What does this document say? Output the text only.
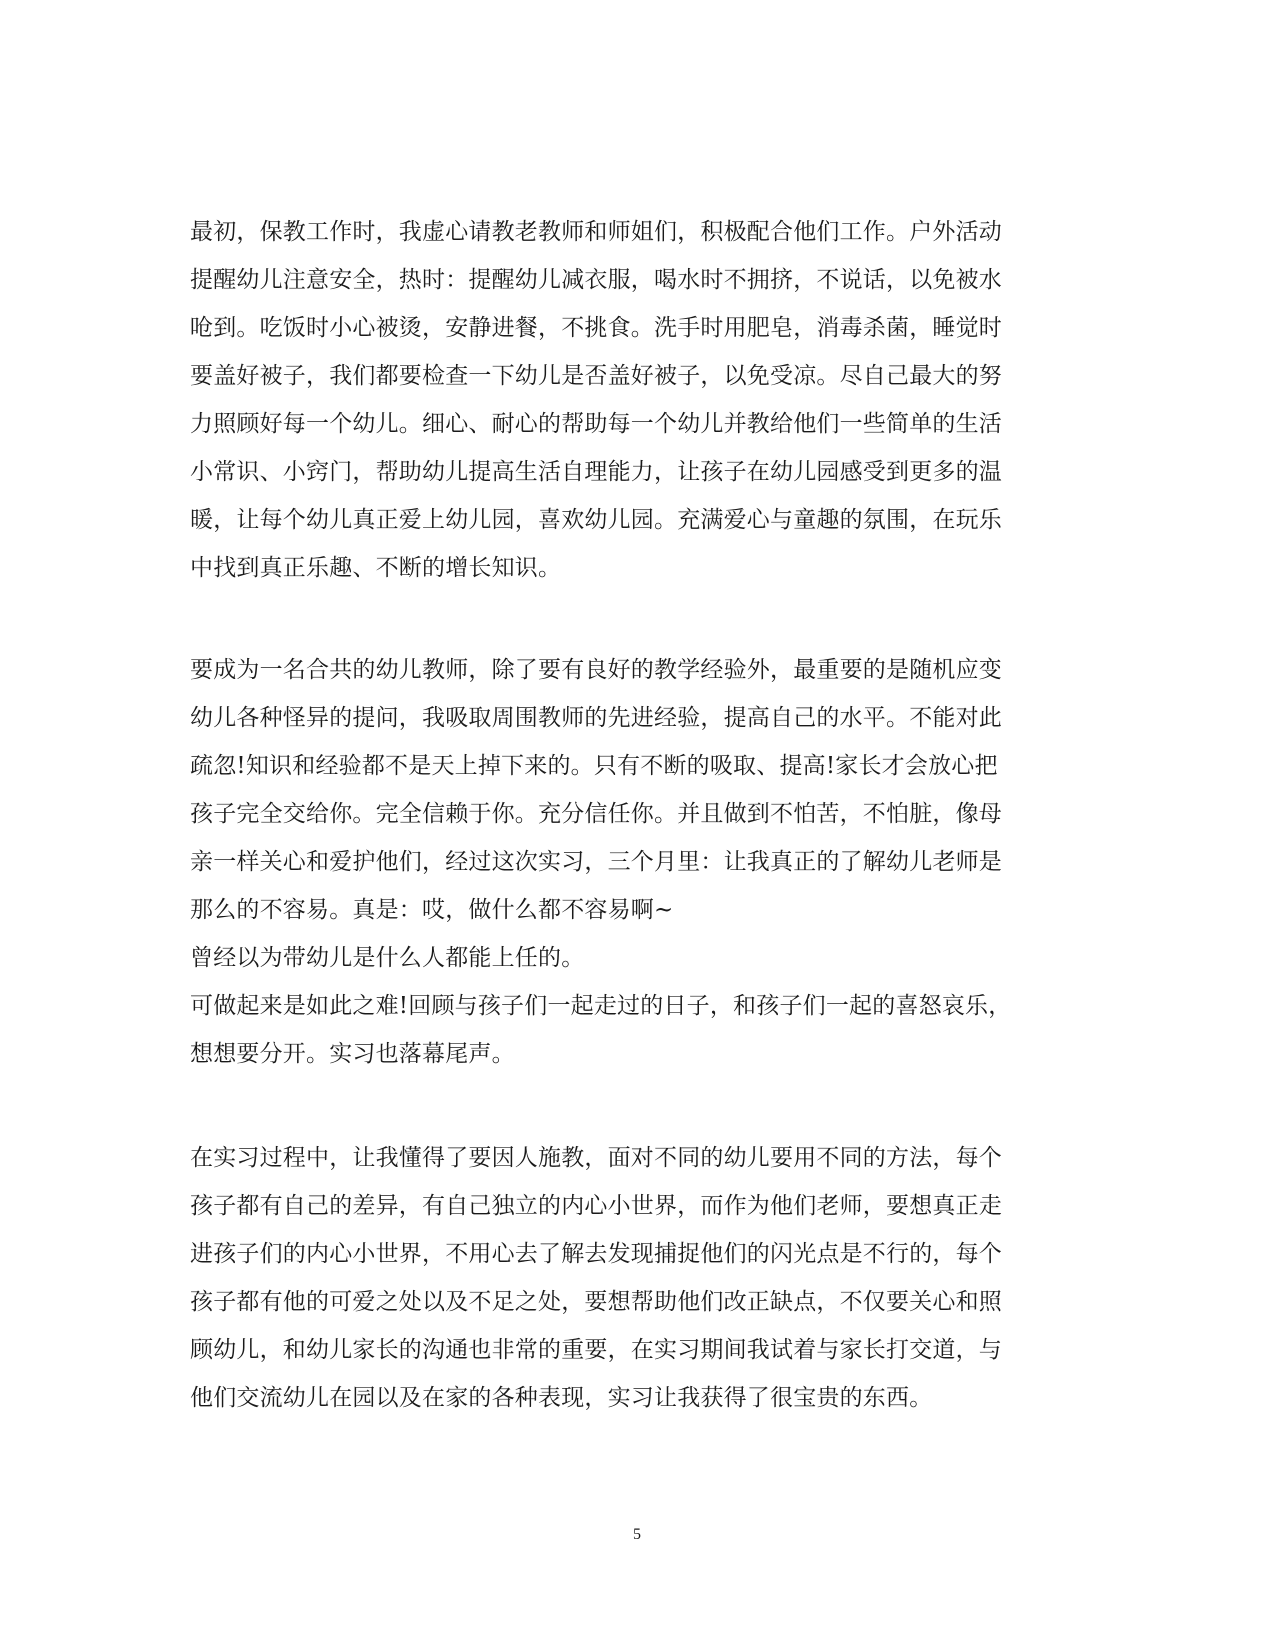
最初，保教工作时，我虚心请教老教师和师姐们，积极配合他们工作。户外活动
提醒幼儿注意安全，热时：提醒幼儿减衣服，喝水时不拥挤，不说话，以免被水
呛到。吃饭时小心被烫，安静进餐，不挑食。洗手时用肥皂，消毒杀菌，睡觉时
要盖好被子，我们都要检查一下幼儿是否盖好被子，以免受凉。尽自己最大的努
力照顾好每一个幼儿。细心、耐心的帮助每一个幼儿并教给他们一些简单的生活
小常识、小窍门，帮助幼儿提高生活自理能力，让孩子在幼儿园感受到更多的温
暖，让每个幼儿真正爱上幼儿园，喜欢幼儿园。充满爱心与童趣的氛围，在玩乐
中找到真正乐趣、不断的增长知识。
要成为一名合共的幼儿教师，除了要有良好的教学经验外，最重要的是随机应变
幼儿各种怪异的提问，我吸取周围教师的先进经验，提高自己的水平。不能对此
疏忽!知识和经验都不是天上掉下来的。只有不断的吸取、提高!家长才会放心把
孩子完全交给你。完全信赖于你。充分信任你。并且做到不怕苦，不怕脏，像母
亲一样关心和爱护他们，经过这次实习，三个月里：让我真正的了解幼儿老师是
那么的不容易。真是：哎，做什么都不容易啊~
曾经以为带幼儿是什么人都能上任的。
可做起来是如此之难!回顾与孩子们一起走过的日子，和孩子们一起的喜怒哀乐，
想想要分开。实习也落幕尾声。
在实习过程中，让我懂得了要因人施教，面对不同的幼儿要用不同的方法，每个
孩子都有自己的差异，有自己独立的内心小世界，而作为他们老师，要想真正走
进孩子们的内心小世界，不用心去了解去发现捕捉他们的闪光点是不行的，每个
孩子都有他的可爱之处以及不足之处，要想帮助他们改正缺点，不仅要关心和照
顾幼儿，和幼儿家长的沟通也非常的重要，在实习期间我试着与家长打交道，与
他们交流幼儿在园以及在家的各种表现，实习让我获得了很宝贵的东西。
5
